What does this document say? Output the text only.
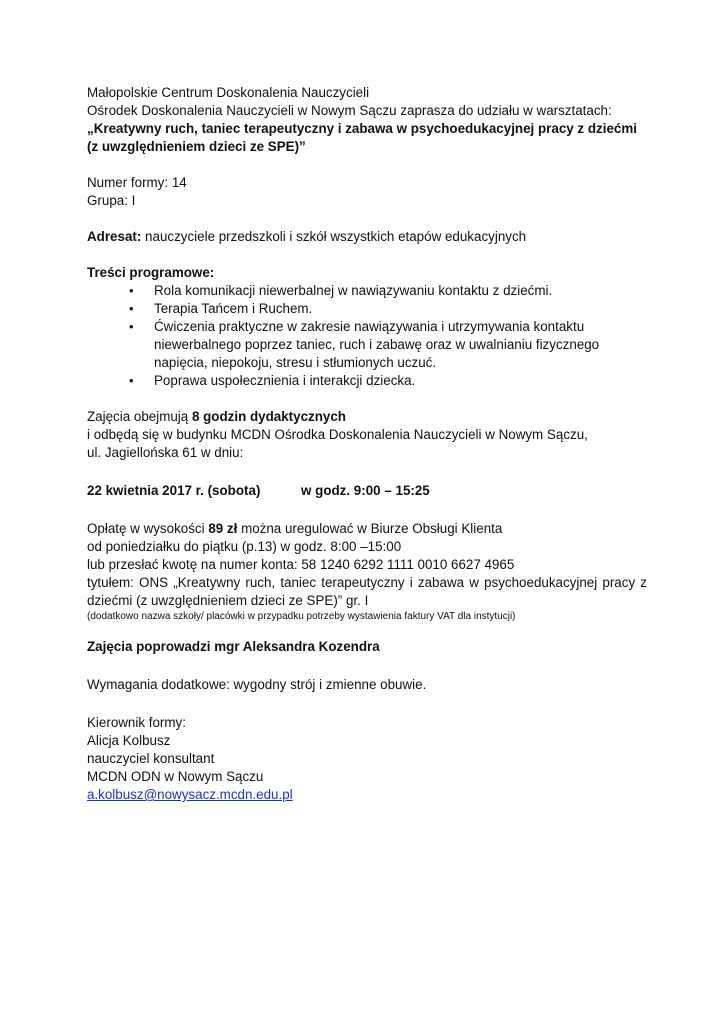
Małopolskie Centrum Doskonalenia Nauczycieli
Ośrodek Doskonalenia Nauczycieli w Nowym Sączu zaprasza do udziału w warsztatach:
„Kreatywny ruch, taniec terapeutyczny i zabawa w psychoedukacyjnej pracy z dziećmi
(z uwzględnieniem dzieci ze SPE)”
Numer formy: 14
Grupa: I
Adresat: nauczyciele przedszkoli i szkół wszystkich etapów edukacyjnych
Treści programowe:
• Rola komunikacji niewerbalnej w nawiązywaniu kontaktu z dziećmi.
• Terapia Tańcem i Ruchem.
• Ćwiczenia praktyczne w zakresie nawiązywania i utrzymywania kontaktu niewerbalnego poprzez taniec, ruch i zabawę oraz w uwalnianiu fizycznego napięcia, niepokoju, stresu i stłumionych uczuć.
• Poprawa uspołecznienia i interakcji dziecka.
Zajęcia obejmują 8 godzin dydaktycznych
i odbędą się w budynku MCDN Ośrodka Doskonalenia Nauczycieli w Nowym Sączu,
ul. Jagiellońska 61 w dniu:
22 kwietnia 2017 r. (sobota)	w godz. 9:00 – 15:25
Opłatę w wysokości 89 zł można uregulować w Biurze Obsługi Klienta
od poniedziałku do piątku (p.13) w godz. 8:00 –15:00
lub przesłać kwotę na numer konta: 58 1240 6292 1111 0010 6627 4965
tytułem: ONS „Kreatywny ruch, taniec terapeutyczny i zabawa w psychoedukacyjnej pracy z dziećmi (z uwzględnieniem dzieci ze SPE)” gr. I
(dodatkowo nazwa szkoły/ placówki w przypadku potrzeby wystawienia faktury VAT dla instytucji)
Zajęcia poprowadzi mgr Aleksandra Kozendra
Wymagania dodatkowe: wygodny strój i zmienne obuwie.
Kierownik formy:
Alicja Kolbusz
nauczyciel konsultant
MCDN ODN w Nowym Sączu
a.kolbusz@nowysacz.mcdn.edu.pl
